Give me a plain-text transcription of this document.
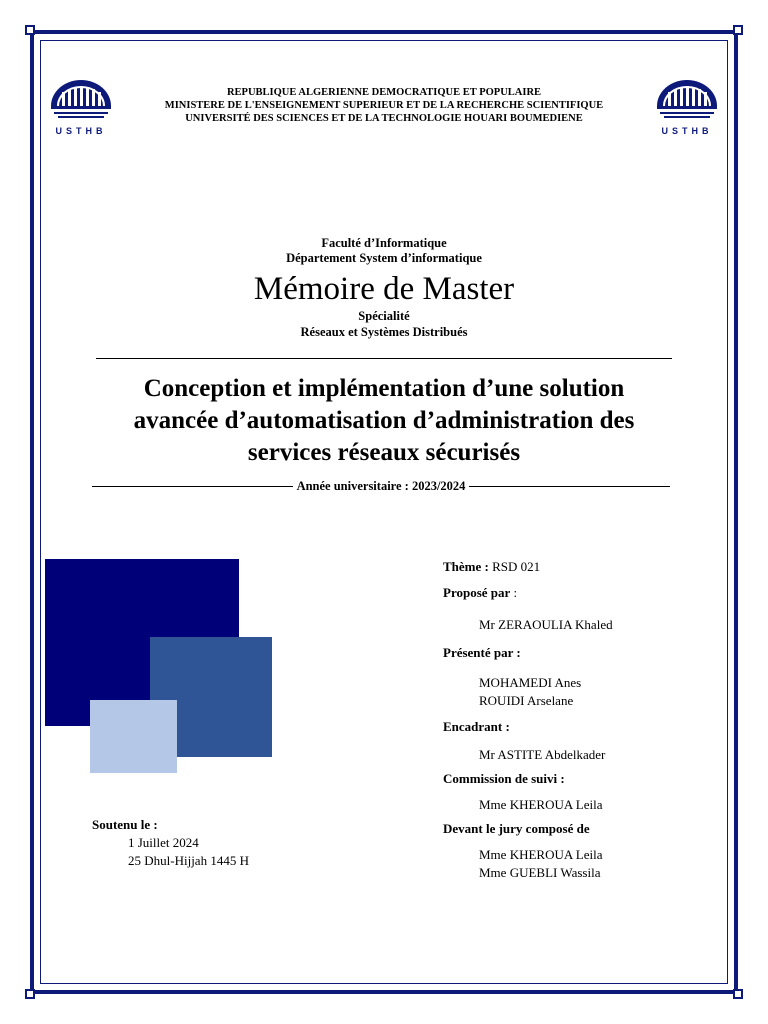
USTHB	USTHB
REPUBLIQUE ALGERIENNE DEMOCRATIQUE ET POPULAIRE
MINISTERE DE L'ENSEIGNEMENT SUPERIEUR ET DE LA RECHERCHE SCIENTIFIQUE
UNIVERSITÉ DES SCIENCES ET DE LA TECHNOLOGIE HOUARI BOUMEDIENE
Faculté d’Informatique
Département System d’informatique
Mémoire de Master
Spécialité
Réseaux et Systèmes Distribués
Conception et implémentation d’une solution
avancée d’automatisation d’administration des
services réseaux sécurisés
Année universitaire : 2023/2024
Thème : RSD 021
Proposé par :
Mr ZERAOULIA Khaled
Présenté par :
MOHAMEDI Anes
ROUIDI Arselane
Encadrant :
Mr ASTITE Abdelkader
Commission de suivi :
Mme KHEROUA Leila
Devant le jury composé de
Mme KHEROUA Leila
Mme GUEBLI Wassila
Soutenu le :
1 Juillet 2024
25 Dhul-Hijjah 1445 H
